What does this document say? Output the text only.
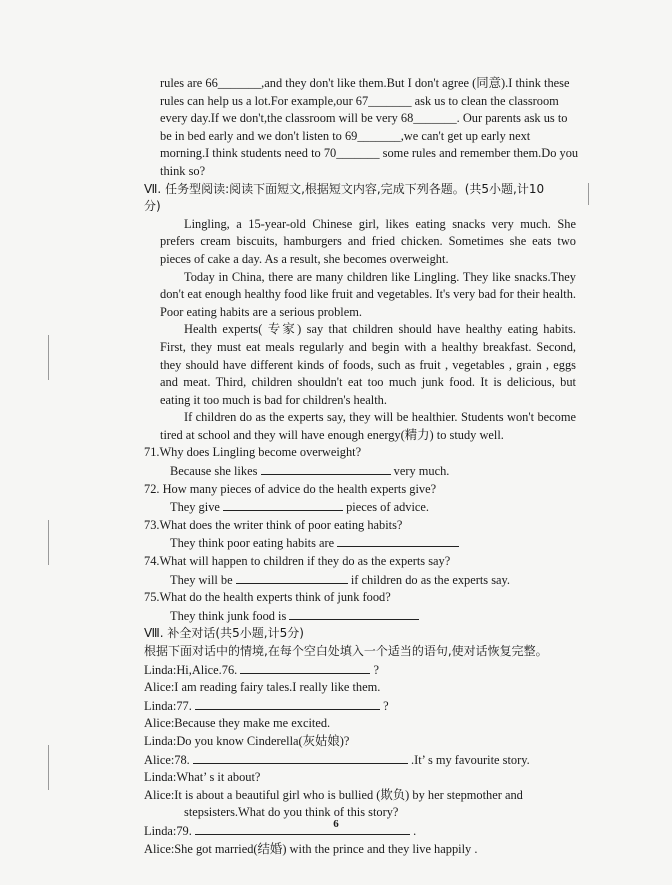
rules are 66_______,and they don't like them.But I don't agree (同意).I think these
rules can help us a lot.For example,our 67_______ ask us to clean the classroom
every day.If we don't,the classroom will be very 68_______. Our parents ask us to
be in bed early and we don't listen to 69_______,we can't get up early next
morning.I think students need to 70_______ some rules and remember them.Do you
think so?
Ⅶ. 任务型阅读:阅读下面短文,根据短文内容,完成下列各题。(共5小题,计10
分)
Lingling, a 15-year-old Chinese girl, likes eating snacks very much. She prefers cream biscuits, hamburgers and fried chicken. Sometimes she eats two pieces of cake a day. As a result, she becomes overweight.
Today in China, there are many children like Lingling. They like snacks.They don't eat enough healthy food like fruit and vegetables. It's very bad for their health. Poor eating habits are a serious problem.
Health experts( 专家) say that children should have healthy eating habits. First, they must eat meals regularly and begin with a healthy breakfast. Second, they should have different kinds of foods, such as fruit , vegetables , grain , eggs and meat. Third, children shouldn't eat too much junk food. It is delicious, but eating it too much is bad for children's health.
If children do as the experts say, they will be healthier. Students won't become tired at school and they will have enough energy(精力) to study well.
71.Why does Lingling become overweight?
Because she likes	very much.
72. How many pieces of advice do the health experts give?
They give	pieces of advice.
73.What does the writer think of poor eating habits?
They think poor eating habits are
74.What will happen to children if they do as the experts say?
They will be	if children do as the experts say.
75.What do the health experts think of junk food?
They think junk food is
Ⅷ. 补全对话(共5小题,计5分)
根据下面对话中的情境,在每个空白处填入一个适当的语句,使对话恢复完整。
Linda:Hi,Alice.76.	?
Alice:I am reading fairy tales.I really like them.
Linda:77.	?
Alice:Because they make me excited.
Linda:Do you know Cinderella(灰姑娘)?
Alice:78.	.It’ s my favourite story.
Linda:What’ s it about?
Alice:It is about a beautiful girl who is bullied (欺负) by her stepmother and
stepsisters.What do you think of this story?
Linda:79.	.
Alice:She got married(结婚) with the prince and they live happily .
6
